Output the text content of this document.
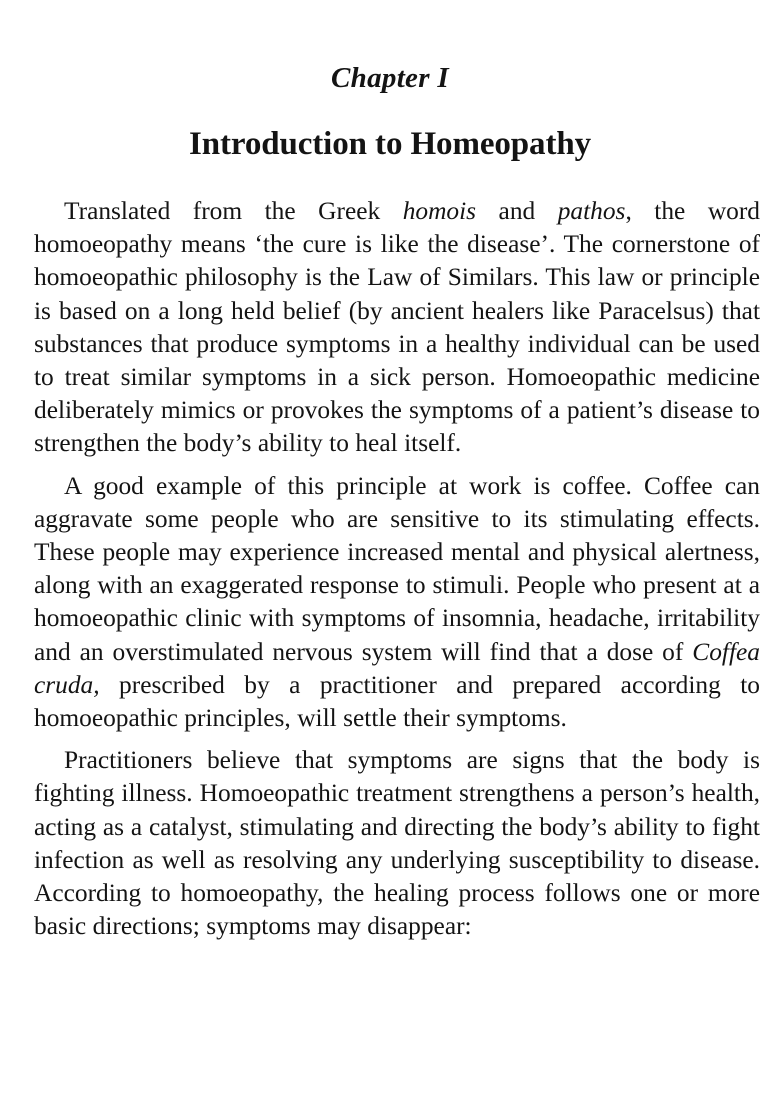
Chapter I
Introduction to Homeopathy

Translated from the Greek homois and pathos, the word homoeopathy means ‘the cure is like the disease’. The cornerstone of homoeopathic philosophy is the Law of Similars. This law or principle is based on a long held belief (by ancient healers like Paracelsus) that substances that produce symptoms in a healthy individual can be used to treat similar symptoms in a sick person. Homoeopathic medicine deliberately mimics or provokes the symptoms of a patient’s disease to strengthen the body’s ability to heal itself.

A good example of this principle at work is coffee. Coffee can aggravate some people who are sensitive to its stimulating effects. These people may experience increased mental and physical alertness, along with an exaggerated response to stimuli. People who present at a homoeopathic clinic with symptoms of insomnia, headache, irritability and an overstimulated nervous system will find that a dose of Coffea cruda, prescribed by a practitioner and prepared according to homoeopathic principles, will settle their symptoms.

Practitioners believe that symptoms are signs that the body is fighting illness. Homoeopathic treatment strengthens a person’s health, acting as a catalyst, stimulating and directing the body’s ability to fight infection as well as resolving any underlying susceptibility to disease. According to homoeopathy, the healing process follows one or more basic directions; symptoms may disappear:
